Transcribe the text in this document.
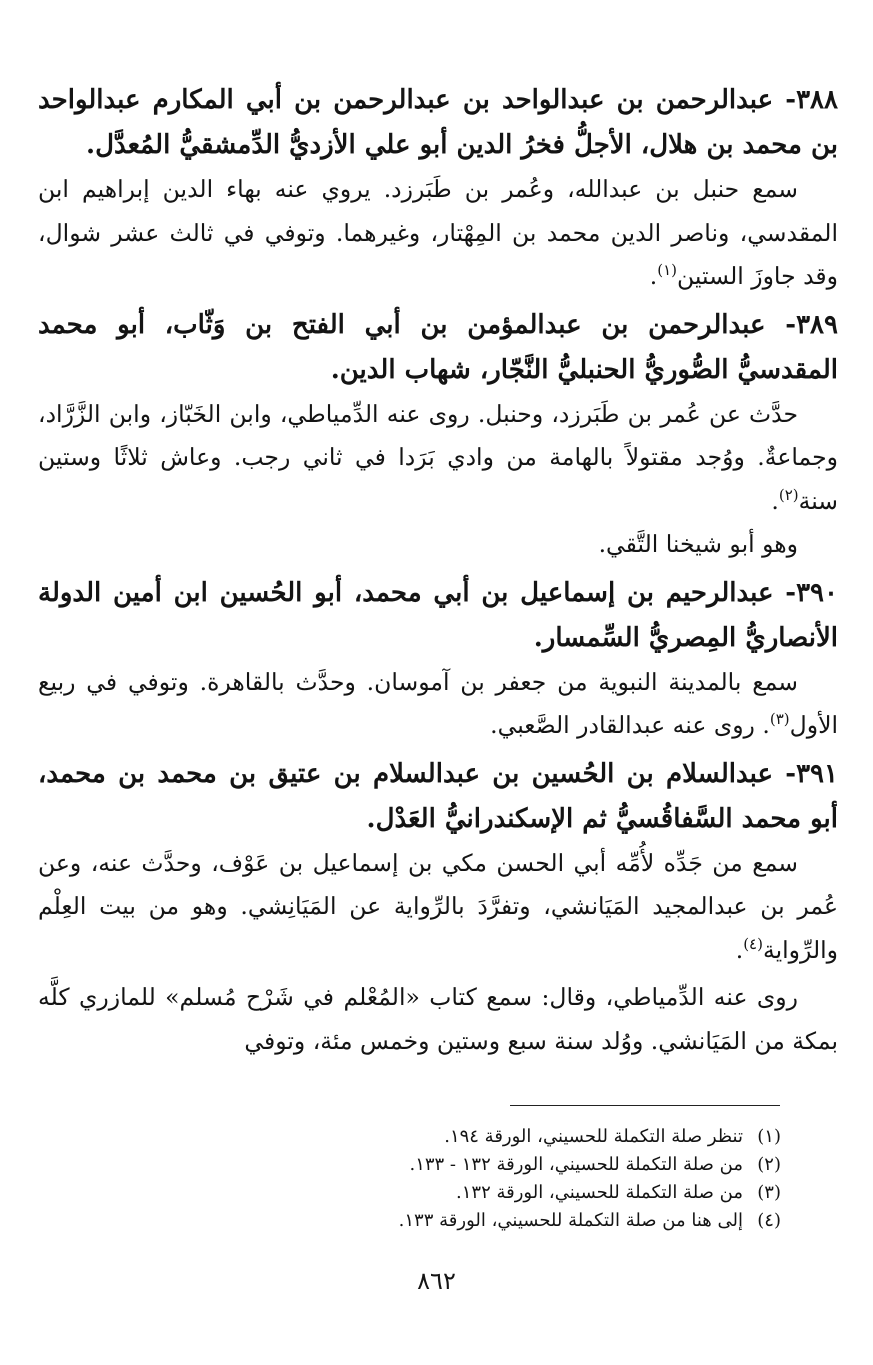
٣٨٨- عبدالرحمن بن عبدالواحد بن عبدالرحمن بن أبي المكارم عبدالواحد بن محمد بن هلال، الأجلُّ فخرُ الدين أبو علي الأزديُّ الدِّمشقيُّ المُعدَّل.

سمع حنبل بن عبدالله، وعُمر بن طَبَرزد. يروي عنه بهاء الدين إبراهيم ابن المقدسي، وناصر الدين محمد بن المِهْتار، وغيرهما. وتوفي في ثالث عشر شوال، وقد جاوزَ الستين$^{(١)}$.

٣٨٩- عبدالرحمن بن عبدالمؤمن بن أبي الفتح بن وَثّاب، أبو محمد المقدسيُّ الصُّوريُّ الحنبليُّ النَّجّار، شهاب الدين.

حدَّث عن عُمر بن طَبَرزد، وحنبل. روى عنه الدِّمياطي، وابن الخَبّاز، وابن الزَّرَّاد، وجماعةٌ. ووُجد مقتولاً بالهامة من وادي بَرَدا في ثاني رجب. وعاش ثلاثًا وستين سنة$^{(٢)}$.

وهو أبو شيخنا التَّقي.

٣٩٠- عبدالرحيم بن إسماعيل بن أبي محمد، أبو الحُسين ابن أمين الدولة الأنصاريُّ المِصريُّ السِّمسار.

سمع بالمدينة النبوية من جعفر بن آموسان. وحدَّث بالقاهرة. وتوفي في ربيع الأول$^{(٣)}$. روى عنه عبدالقادر الصَّعبي.

٣٩١- عبدالسلام بن الحُسين بن عبدالسلام بن عتيق بن محمد بن محمد، أبو محمد السَّفاقُسيُّ ثم الإسكندرانيُّ العَدْل.

سمع من جَدِّه لأُمِّه أبي الحسن مكي بن إسماعيل بن عَوْف، وحدَّث عنه، وعن عُمر بن عبدالمجيد المَيَانشي، وتفرَّدَ بالرِّواية عن المَيَانِشي. وهو من بيت العِلْم والرِّواية$^{(٤)}$.

روى عنه الدِّمياطي، وقال: سمع كتاب «المُعْلم في شَرْح مُسلم» للمازري كلَّه بمكة من المَيَانشي. ووُلد سنة سبع وستين وخمس مئة، وتوفي

(١)تنظر صلة التكملة للحسيني، الورقة ١٩٤.

(٢)من صلة التكملة للحسيني، الورقة ١٣٢ - ١٣٣.

(٣)من صلة التكملة للحسيني، الورقة ١٣٢.

(٤)إلى هنا من صلة التكملة للحسيني، الورقة ١٣٣.

٨٦٢
